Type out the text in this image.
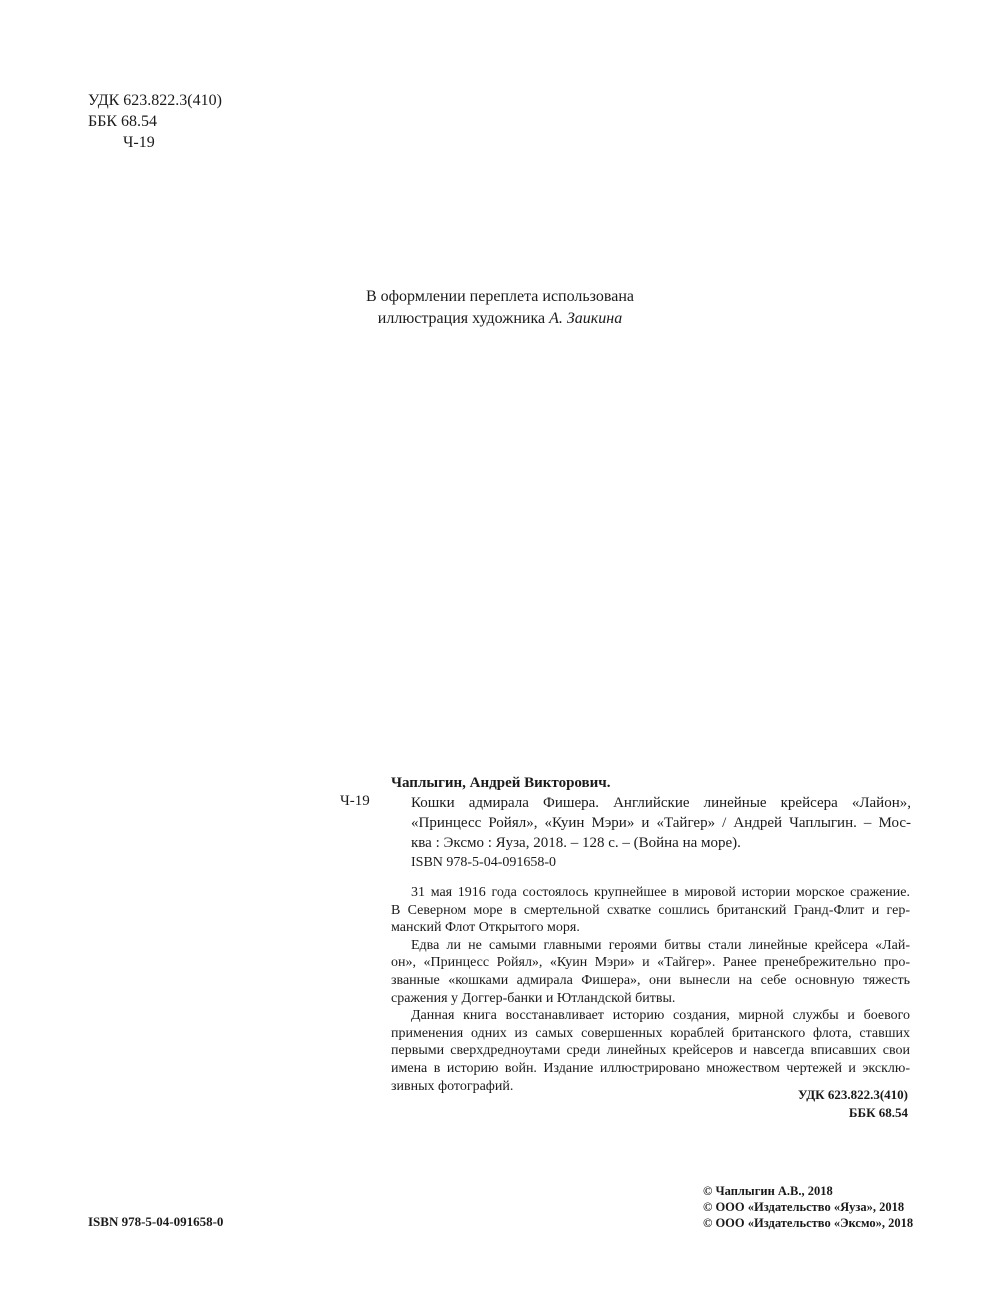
УДК 623.822.3(410)
ББК 68.54
Ч-19
В оформлении переплета использована
иллюстрация художника А. Заикина
Чаплыгин, Андрей Викторович.
Ч-19	Кошки адмирала Фишера. Английские линейные крейсера «Лайон»,
«Принцесс Ройял», «Куин Мэри» и «Тайгер» / Андрей Чаплыгин. – Мос-
ква : Эксмо : Яуза, 2018. – 128 с. – (Война на море).
ISBN 978-5-04-091658-0
31 мая 1916 года состоялось крупнейшее в мировой истории морское сражение.
В Северном море в смертельной схватке сошлись британский Гранд-Флит и гер-
манский Флот Открытого моря.
Едва ли не самыми главными героями битвы стали линейные крейсера «Лай-
он», «Принцесс Ройял», «Куин Мэри» и «Тайгер». Ранее пренебрежительно про-
званные «кошками адмирала Фишера», они вынесли на себе основную тяжесть
сражения у Доггер-банки и Ютландской битвы.
Данная книга восстанавливает историю создания, мирной службы и боевого
применения одних из самых совершенных кораблей британского флота, ставших
первыми сверхдредноутами среди линейных крейсеров и навсегда вписавших свои
имена в историю войн. Издание иллюстрировано множеством чертежей и эксклю-
зивных фотографий.
УДК 623.822.3(410)
ББК 68.54
© Чаплыгин А.В., 2018
© ООО «Издательство «Яуза», 2018
© ООО «Издательство «Эксмо», 2018
ISBN 978-5-04-091658-0
